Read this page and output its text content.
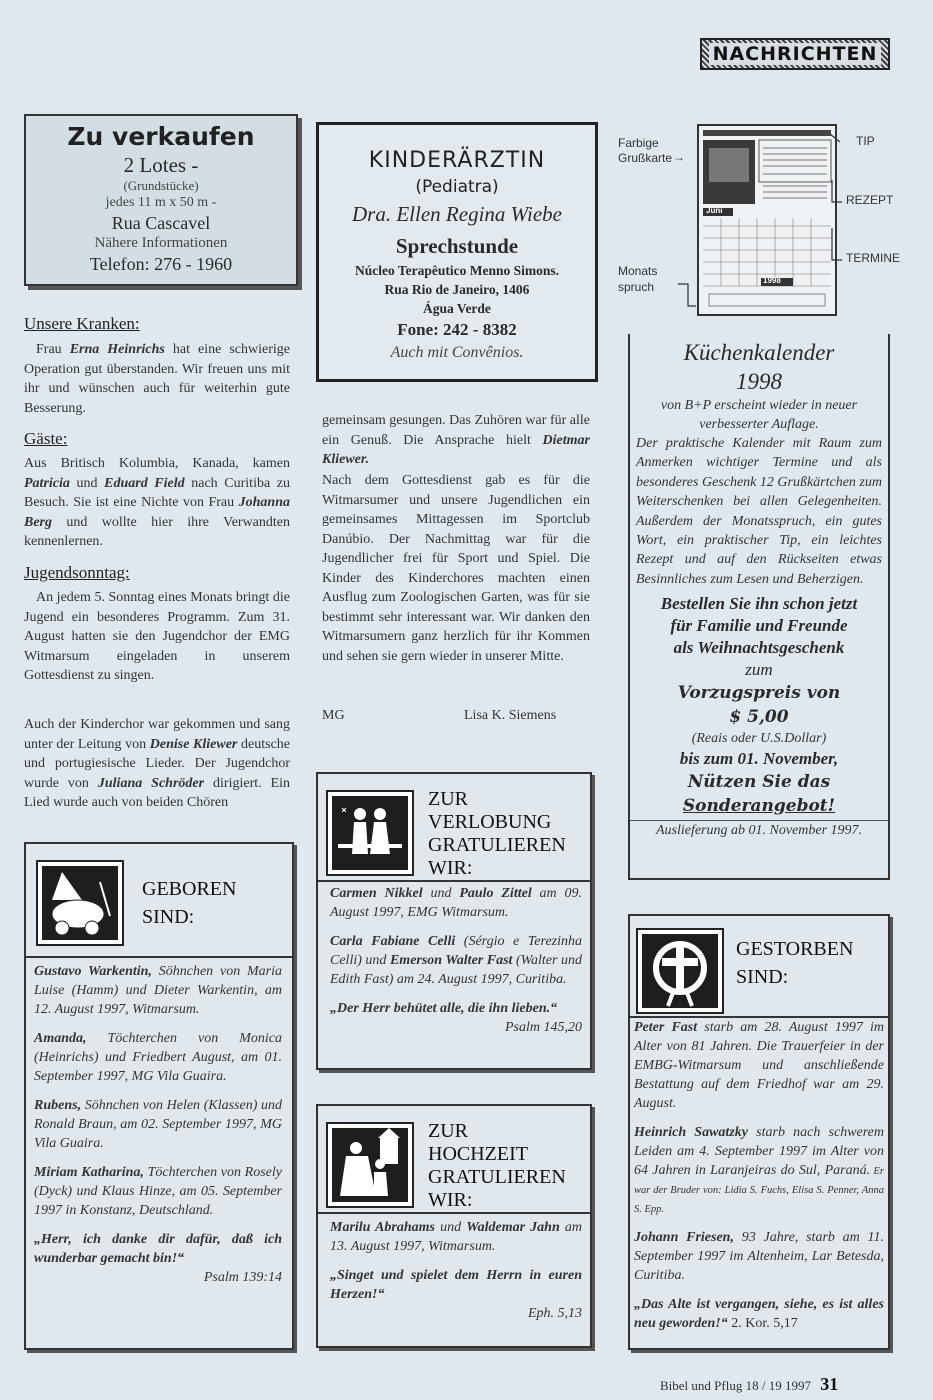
NACHRICHTEN
Zu verkaufen
2 Lotes -
(Grundstücke)
jedes 11 m x 50 m -
Rua Cascavel
Nähere Informationen
Telefon: 276 - 1960
Unsere Kranken:

Frau Erna Heinrichs hat eine schwierige Operation gut überstanden. Wir freuen uns mit ihr und wünschen auch für weiterhin gute Besserung.

Gäste:

Aus Britisch Kolumbia, Kanada, kamen Patricia und Eduard Field nach Curitiba zu Besuch. Sie ist eine Nichte von Frau Johanna Berg und wollte hier ihre Verwandten kennenlernen.

Jugendsonntag:

An jedem 5. Sonntag eines Monats bringt die Jugend ein besonderes Programm. Zum 31. August hatten sie den Jugendchor der EMG Witmarsum eingeladen in unserem Gottesdienst zu singen.

Auch der Kinderchor war gekommen und sang unter der Leitung von Denise Kliewer deutsche und portugiesische Lieder. Der Jugendchor wurde von Juliana Schröder dirigiert. Ein Lied wurde auch von beiden Chören

KINDERÄRZTIN
(Pediatra)
Dra. Ellen Regina Wiebe
Sprechstunde
Núcleo Terapêutico Menno Simons.
Rua Rio de Janeiro, 1406
Água Verde
Fone: 242 - 8382
Auch mit Convênios.

gemeinsam gesungen. Das Zuhören war für alle ein Genuß. Die Ansprache hielt Dietmar Kliewer.

Nach dem Gottesdienst gab es für die Witmarsumer und unsere Jugendlichen ein gemeinsames Mittagessen im Sportclub Danúbio. Der Nachmittag war für die Jugendlicher frei für Sport und Spiel. Die Kinder des Kinderchores machten einen Ausflug zum Zoologischen Garten, was für sie bestimmt sehr interessant war. Wir danken den Witmarsumern ganz herzlich für ihr Kommen und sehen sie gern wieder in unserer Mitte.

MG	Lisa K. Siemens
Farbige
Grußkarte →
Monats
spruch
Juni
1998
TIP
REZEPT
TERMINE
Küchenkalender
1998
von B+P erscheint wieder in neuer verbesserter Auflage.
Der praktische Kalender mit Raum zum Anmerken wichtiger Termine und als besonderes Geschenk 12 Grußkärtchen zum Weiterschenken bei allen Gelegenheiten. Außerdem der Monatsspruch, ein gutes Wort, ein praktischer Tip, ein leichtes Rezept und auf den Rückseiten etwas Besinnliches zum Lesen und Beherzigen.
Bestellen Sie ihn schon jetzt
für Familie und Freunde
als Weihnachtsgeschenk
zum
Vorzugspreis von
$ 5,00
(Reais oder U.S.Dollar)
bis zum 01. November,
Nützen Sie das
Sonderangebot!
Auslieferung ab 01. November 1997.
GEBOREN
SIND:

Gustavo Warkentin, Söhnchen von Maria Luise (Hamm) und Dieter Warkentin, am 12. August 1997, Witmarsum.

Amanda, Töchterchen von Monica (Heinrichs) und Friedbert August, am 01. September 1997, MG Vila Guaira.

Rubens, Söhnchen von Helen (Klassen) und Ronald Braun, am 02. September 1997, MG Vila Guaira.

Miriam Katharina, Töchterchen von Rosely (Dyck) und Klaus Hinze, am 05. September 1997 in Konstanz, Deutschland.

„Herr, ich danke dir dafür, daß ich wunderbar gemacht bin!“

Psalm 139:14

ZUR
VERLOBUNG
GRATULIEREN
WIR:

Carmen Nikkel und Paulo Zittel am 09. August 1997, EMG Witmarsum.

Carla Fabiane Celli (Sérgio e Terezinha Celli) und Emerson Walter Fast (Walter und Edith Fast) am 24. August 1997, Curitiba.

„Der Herr behütet alle, die ihn lieben.“

Psalm 145,20

ZUR
HOCHZEIT
GRATULIEREN
WIR:

Marilu Abrahams und Waldemar Jahn am 13. August 1997, Witmarsum.

„Singet und spielet dem Herrn in euren Herzen!“

Eph. 5,13

GESTORBEN
SIND:

Peter Fast starb am 28. August 1997 im Alter von 81 Jahren. Die Trauerfeier in der EMBG-Witmarsum und anschließende Bestattung auf dem Friedhof war am 29. August.

Heinrich Sawatzky starb nach schwerem Leiden am 4. September 1997 im Alter von 64 Jahren in Laranjeiras do Sul, Paraná. Er war der Bruder von: Lidia S. Fuchs, Elisa S. Penner, Anna S. Epp.

Johann Friesen, 93 Jahre, starb am 11. September 1997 im Altenheim, Lar Betesda, Curitiba.

„Das Alte ist vergangen, siehe, es ist alles neu geworden!“ 2. Kor. 5,17

Bibel und Pflug 18 / 19 1997 31
